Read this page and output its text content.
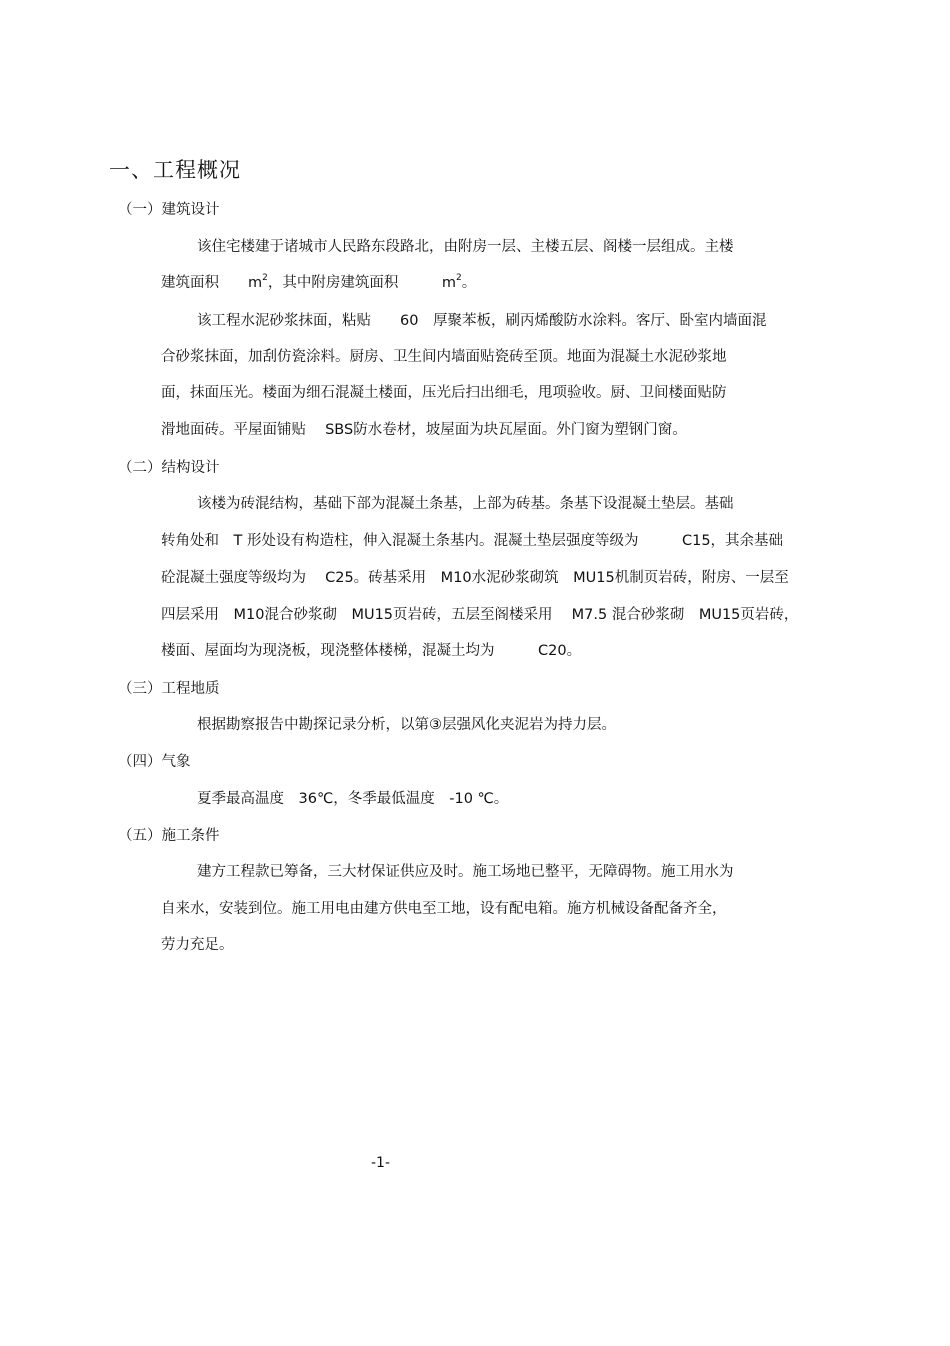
一、工程概况
（一）建筑设计
该住宅楼建于诸城市人民路东段路北，由附房一层、主楼五层、阁楼一层组成。主楼
建筑面积　　$m^2$，其中附房建筑面积　　　$m^2$。
该工程水泥砂浆抹面，粘贴　　60　厚聚苯板，刷丙烯酸防水涂料。客厅、卧室内墙面混
合砂浆抹面，加刮仿瓷涂料。厨房、卫生间内墙面贴瓷砖至顶。地面为混凝土水泥砂浆地
面，抹面压光。楼面为细石混凝土楼面，压光后扫出细毛，甩项验收。厨、卫间楼面贴防
滑地面砖。平屋面铺贴　 SBS防水卷材，坡屋面为块瓦屋面。外门窗为塑钢门窗。
（二）结构设计
该楼为砖混结构，基础下部为混凝土条基，上部为砖基。条基下设混凝土垫层。基础
转角处和　T 形处设有构造柱，伸入混凝土条基内。混凝土垫层强度等级为　　　C15，其余基础
砼混凝土强度等级均为　 C25。砖基采用　M10水泥砂浆砌筑　MU15机制页岩砖，附房、一层至
四层采用　M10混合砂浆砌　MU15页岩砖，五层至阁楼采用　 M7.5 混合砂浆砌　MU15页岩砖，
楼面、屋面均为现浇板，现浇整体楼梯，混凝土均为　　　C20。
（三）工程地质
根据勘察报告中勘探记录分析，以第③层强风化夹泥岩为持力层。
（四）气象
夏季最高温度　36℃，冬季最低温度　-10 ℃。
（五）施工条件
建方工程款已筹备，三大材保证供应及时。施工场地已整平，无障碍物。施工用水为
自来水，安装到位。施工用电由建方供电至工地，设有配电箱。施方机械设备配备齐全，
劳力充足。
-1-
